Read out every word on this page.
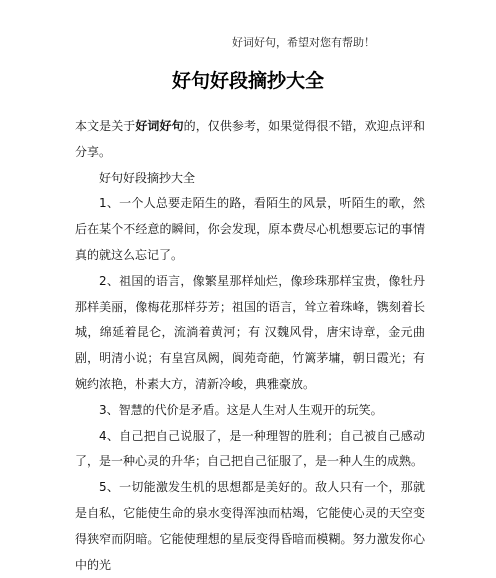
好词好句，希望对您有帮助！
好句好段摘抄大全

本文是关于好词好句的，仅供参考，如果觉得很不错，欢迎点评和分享。

好句好段摘抄大全

1、一个人总要走陌生的路，看陌生的风景，听陌生的歌，然后在某个不经意的瞬间，你会发现，原本费尽心机想要忘记的事情真的就这么忘记了。

2、祖国的语言，像繁星那样灿烂，像珍珠那样宝贵，像牡丹那样美丽，像梅花那样芬芳；祖国的语言，耸立着珠峰，镌刻着长城，绵延着昆仑，流淌着黄河；有 汉魏风骨，唐宋诗章，金元曲剧，明清小说；有皇宫凤阙，阆苑奇葩，竹篱茅墉，朝日霞光；有婉约浓艳，朴素大方，清新冷峻，典雅豪放。

3、智慧的代价是矛盾。这是人生对人生观开的玩笑。

4、自己把自己说服了，是一种理智的胜利；自己被自己感动了，是一种心灵的升华；自己把自己征服了，是一种人生的成熟。

5、一切能激发生机的思想都是美好的。敌人只有一个，那就是自私，它能使生命的泉水变得浑浊而枯竭，它能使心灵的天空变得狭窄而阴暗。它能使理想的星辰变得昏暗而模糊。努力激发你心中的光
